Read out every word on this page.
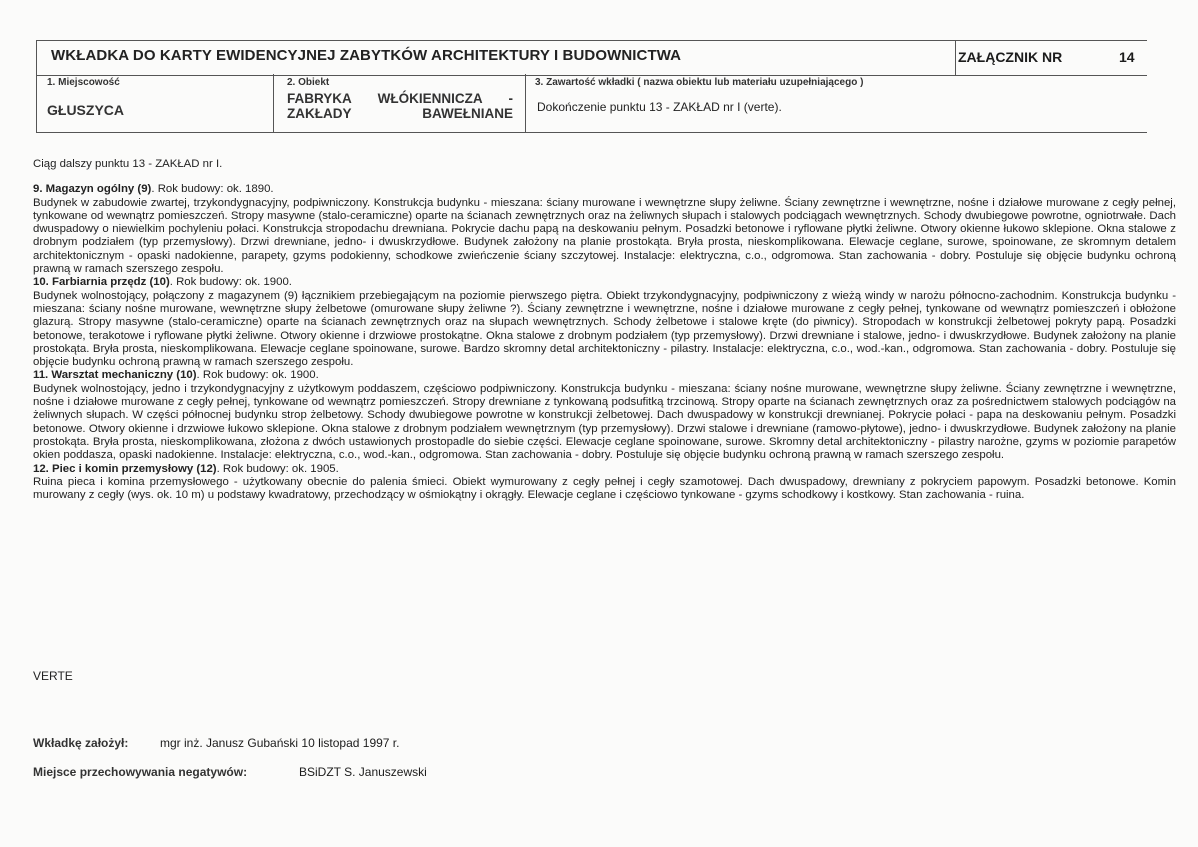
WKŁADKA DO KARTY EWIDENCYJNEJ ZABYTKÓW ARCHITEKTURY I BUDOWNICTWA	ZAŁĄCZNIK NR	14
1. Miejscowość
GŁUSZYCA
2. Obiekt
FABRYKA WŁÓKIENNICZA - ZAKŁADY BAWEŁNIANE
3. Zawartość wkładki ( nazwa obiektu lub materiału uzupełniającego )
Dokończenie punktu 13 - ZAKŁAD nr I (verte).

Ciąg dalszy punktu 13 - ZAKŁAD nr I.

9. Magazyn ogólny (9). Rok budowy: ok. 1890.

Budynek w zabudowie zwartej, trzykondygnacyjny, podpiwniczony. Konstrukcja budynku - mieszana: ściany murowane i wewnętrzne słupy żeliwne. Ściany zewnętrzne i wewnętrzne, nośne i działowe murowane z cegły pełnej, tynkowane od wewnątrz pomieszczeń. Stropy masywne (stalo-ceramiczne) oparte na ścianach zewnętrznych oraz na żeliwnych słupach i stalowych podciągach wewnętrznych. Schody dwubiegowe powrotne, ogniotrwałe. Dach dwuspadowy o niewielkim pochyleniu połaci. Konstrukcja stropodachu drewniana. Pokrycie dachu papą na deskowaniu pełnym. Posadzki betonowe i ryflowane płytki żeliwne. Otwory okienne łukowo sklepione. Okna stalowe z drobnym podziałem (typ przemysłowy). Drzwi drewniane, jedno- i dwuskrzydłowe. Budynek założony na planie prostokąta. Bryła prosta, nieskomplikowana. Elewacje ceglane, surowe, spoinowane, ze skromnym detalem architektonicznym - opaski nadokienne, parapety, gzyms podokienny, schodkowe zwieńczenie ściany szczytowej. Instalacje: elektryczna, c.o., odgromowa. Stan zachowania - dobry. Postuluje się objęcie budynku ochroną prawną w ramach szerszego zespołu.

10. Farbiarnia przędz (10). Rok budowy: ok. 1900.

Budynek wolnostojący, połączony z magazynem (9) łącznikiem przebiegającym na poziomie pierwszego piętra. Obiekt trzykondygnacyjny, podpiwniczony z wieżą windy w narożu północno-zachodnim. Konstrukcja budynku - mieszana: ściany nośne murowane, wewnętrzne słupy żelbetowe (omurowane słupy żeliwne ?). Ściany zewnętrzne i wewnętrzne, nośne i działowe murowane z cegły pełnej, tynkowane od wewnątrz pomieszczeń i obłożone glazurą. Stropy masywne (stalo-ceramiczne) oparte na ścianach zewnętrznych oraz na słupach wewnętrznych. Schody żelbetowe i stalowe kręte (do piwnicy). Stropodach w konstrukcji żelbetowej pokryty papą. Posadzki betonowe, terakotowe i ryflowane płytki żeliwne. Otwory okienne i drzwiowe prostokątne. Okna stalowe z drobnym podziałem (typ przemysłowy). Drzwi drewniane i stalowe, jedno- i dwuskrzydłowe. Budynek założony na planie prostokąta. Bryła prosta, nieskomplikowana. Elewacje ceglane spoinowane, surowe. Bardzo skromny detal architektoniczny - pilastry. Instalacje: elektryczna, c.o., wod.-kan., odgromowa. Stan zachowania - dobry. Postuluje się objęcie budynku ochroną prawną w ramach szerszego zespołu.

11. Warsztat mechaniczny (10). Rok budowy: ok. 1900.

Budynek wolnostojący, jedno i trzykondygnacyjny z użytkowym poddaszem, częściowo podpiwniczony. Konstrukcja budynku - mieszana: ściany nośne murowane, wewnętrzne słupy żeliwne. Ściany zewnętrzne i wewnętrzne, nośne i działowe murowane z cegły pełnej, tynkowane od wewnątrz pomieszczeń. Stropy drewniane z tynkowaną podsufitką trzcinową. Stropy oparte na ścianach zewnętrznych oraz za pośrednictwem stalowych podciągów na żeliwnych słupach. W części północnej budynku strop żelbetowy. Schody dwubiegowe powrotne w konstrukcji żelbetowej. Dach dwuspadowy w konstrukcji drewnianej. Pokrycie połaci - papa na deskowaniu pełnym. Posadzki betonowe. Otwory okienne i drzwiowe łukowo sklepione. Okna stalowe z drobnym podziałem wewnętrznym (typ przemysłowy). Drzwi stalowe i drewniane (ramowo-płytowe), jedno- i dwuskrzydłowe. Budynek założony na planie prostokąta. Bryła prosta, nieskomplikowana, złożona z dwóch ustawionych prostopadle do siebie części. Elewacje ceglane spoinowane, surowe. Skromny detal architektoniczny - pilastry narożne, gzyms w poziomie parapetów okien poddasza, opaski nadokienne. Instalacje: elektryczna, c.o., wod.-kan., odgromowa. Stan zachowania - dobry. Postuluje się objęcie budynku ochroną prawną w ramach szerszego zespołu.

12. Piec i komin przemysłowy (12). Rok budowy: ok. 1905.

Ruina pieca i komina przemysłowego - użytkowany obecnie do palenia śmieci. Obiekt wymurowany z cegły pełnej i cegły szamotowej. Dach dwuspadowy, drewniany z pokryciem papowym. Posadzki betonowe. Komin murowany z cegły (wys. ok. 10 m) u podstawy kwadratowy, przechodzący w ośmiokątny i okrągły. Elewacje ceglane i częściowo tynkowane - gzyms schodkowy i kostkowy. Stan zachowania - ruina.

VERTE
Wkładkę założył:	mgr inż. Janusz Gubański 10 listopad 1997 r.
Miejsce przechowywania negatywów:	BSiDZT S. Januszewski
